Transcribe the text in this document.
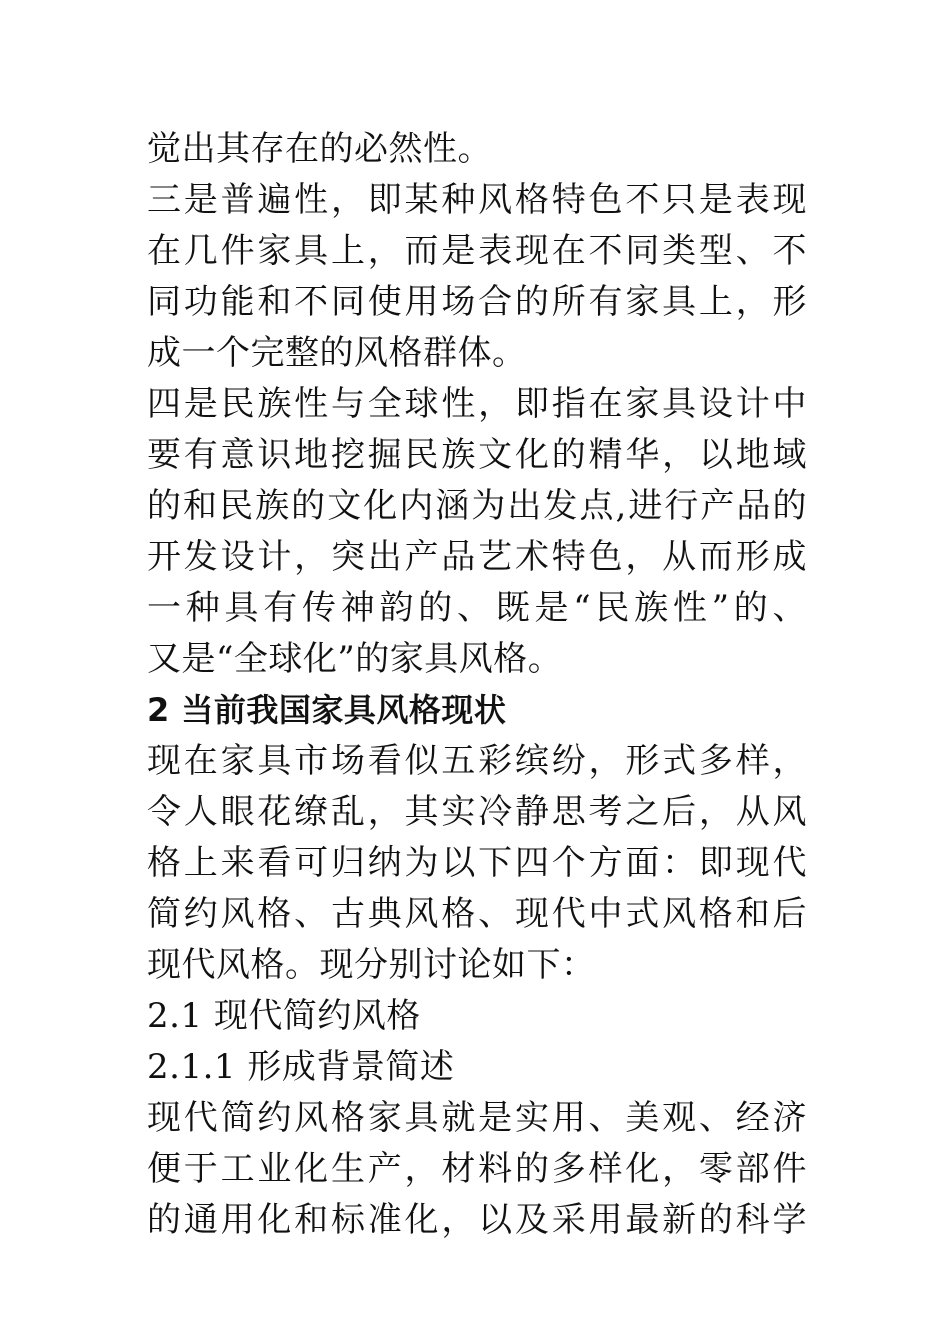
觉出其存在的必然性。
三是普遍性，即某种风格特色不只是表现
在几件家具上，而是表现在不同类型、不
同功能和不同使用场合的所有家具上，形
成一个完整的风格群体。
四是民族性与全球性，即指在家具设计中
要有意识地挖掘民族文化的精华，以地域
的和民族的文化内涵为出发点,进行产品的
开发设计，突出产品艺术特色，从而形成
一种具有传神韵的、既是“民族性”的、
又是“全球化”的家具风格。
2 当前我国家具风格现状
现在家具市场看似五彩缤纷，形式多样，
令人眼花缭乱，其实冷静思考之后，从风
格上来看可归纳为以下四个方面：即现代
简约风格、古典风格、现代中式风格和后
现代风格。现分别讨论如下：
2.1 现代简约风格
2.1.1 形成背景简述
现代简约风格家具就是实用、美观、经济
便于工业化生产，材料的多样化，零部件
的通用化和标准化，以及采用最新的科学
